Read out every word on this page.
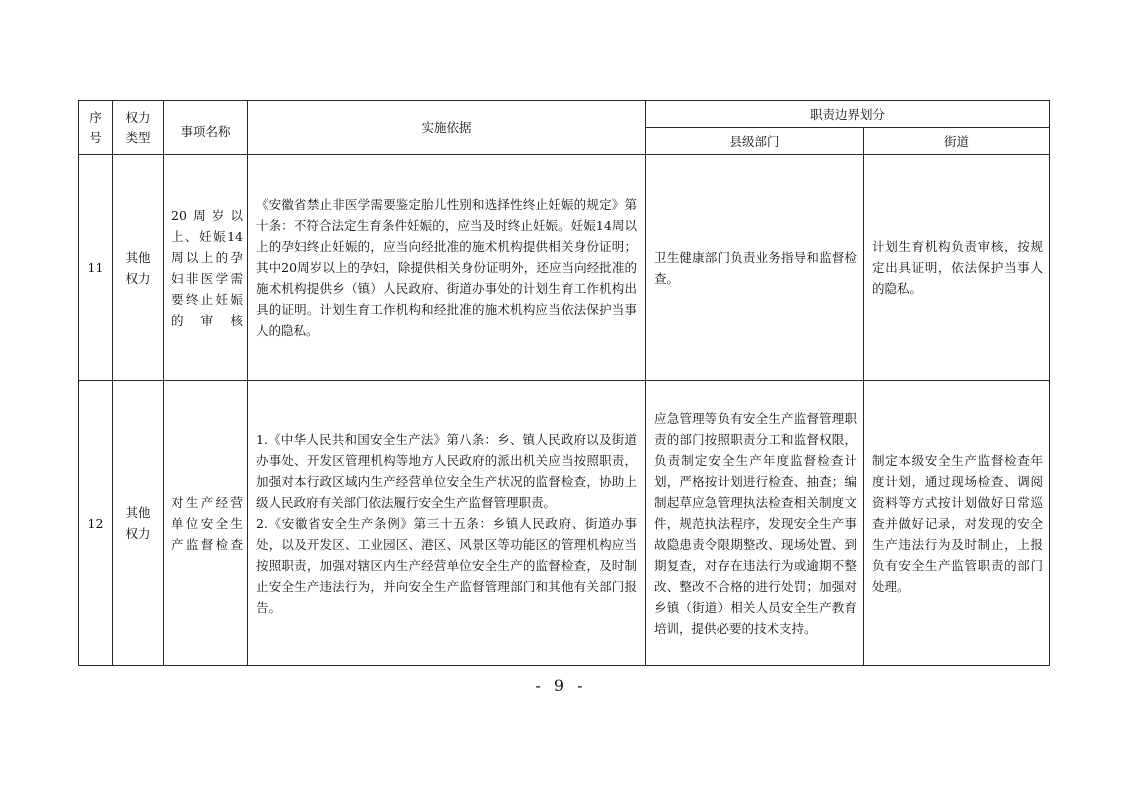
序号	权力类型	事项名称	实施依据	职责边界划分	
				县级部门	街道
11	其他权力	20周岁以上、妊娠14周以上的孕妇非医学需要终止妊娠的审核	《安徽省禁止非医学需要鉴定胎儿性别和选择性终止妊娠的规定》第十条：不符合法定生育条件妊娠的，应当及时终止妊娠。妊娠14周以上的孕妇终止妊娠的，应当向经批准的施术机构提供相关身份证明；其中20周岁以上的孕妇，除提供相关身份证明外，还应当向经批准的施术机构提供乡（镇）人民政府、街道办事处的计划生育工作机构出具的证明。计划生育工作机构和经批准的施术机构应当依法保护当事人的隐私。	卫生健康部门负责业务指导和监督检查。	计划生育机构负责审核，按规定出具证明，依法保护当事人的隐私。

12	其他权力	对生产经营单位安全生产监督检查	1.《中华人民共和国安全生产法》第八条：乡、镇人民政府以及街道办事处、开发区管理机构等地方人民政府的派出机关应当按照职责，加强对本行政区域内生产经营单位安全生产状况的监督检查，协助上级人民政府有关部门依法履行安全生产监督管理职责。
2.《安徽省安全生产条例》第三十五条：乡镇人民政府、街道办事处，以及开发区、工业园区、港区、风景区等功能区的管理机构应当按照职责，加强对辖区内生产经营单位安全生产的监督检查，及时制止安全生产违法行为，并向安全生产监督管理部门和其他有关部门报告。	应急管理等负有安全生产监督管理职责的部门按照职责分工和监督权限，负责制定安全生产年度监督检查计划，严格按计划进行检查、抽查；编制起草应急管理执法检查相关制度文件，规范执法程序，发现安全生产事故隐患责令限期整改、现场处置、到期复查，对存在违法行为或逾期不整改、整改不合格的进行处罚；加强对乡镇（街道）相关人员安全生产教育培训，提供必要的技术支持。	制定本级安全生产监督检查年度计划，通过现场检查、调阅资料等方式按计划做好日常巡查并做好记录，对发现的安全生产违法行为及时制止，上报负有安全生产监管职责的部门处理。
- 9 -
